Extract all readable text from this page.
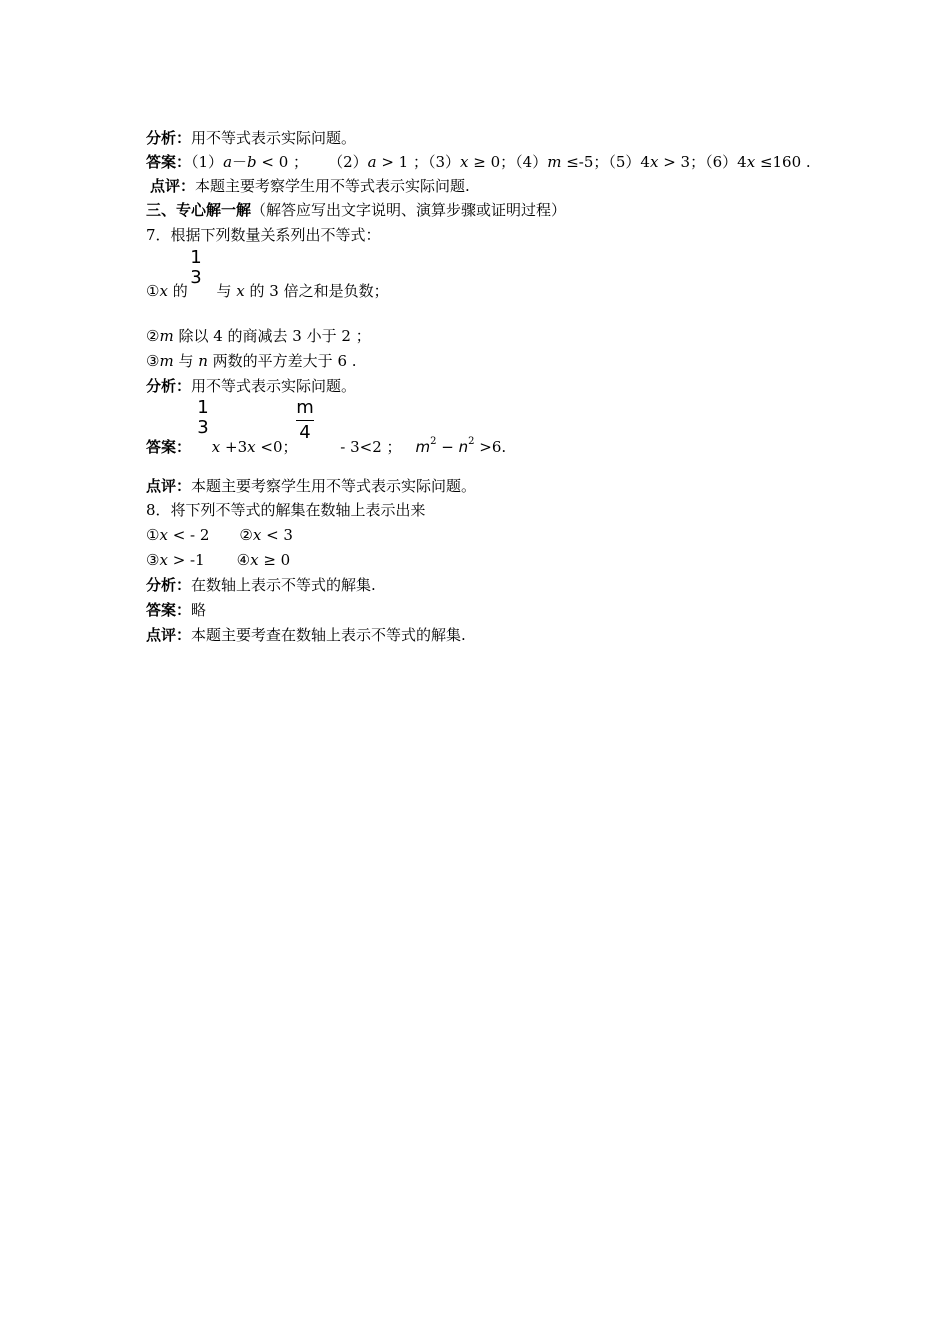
分析：用不等式表示实际问题。
答案：（1）a－b < 0 ； （2）a > 1 ；（3）x ≥ 0；（4）m ≤-5；（5）4x > 3；（6）4x ≤160 .
点评：本题主要考察学生用不等式表示实际问题.
三、专心解一解（解答应写出文字说明、演算步骤或证明过程）
7．根据下列数量关系列出不等式：
1
3
①x 的 与 x 的 3 倍之和是负数；
②m 除以 4 的商减去 3 小于 2 ；
③m 与 n 两数的平方差大于 6 .
分析：用不等式表示实际问题。
1
3
m
4
答案： x +3x <0；	- 3<2 ； $m^2 - n^2 >6$.
点评：本题主要考察学生用不等式表示实际问题。
8．将下列不等式的解集在数轴上表示出来
①x < - 2 ②x < 3
③x > -1 ④x ≥ 0
分析：在数轴上表示不等式的解集.
答案：略
点评：本题主要考查在数轴上表示不等式的解集.
